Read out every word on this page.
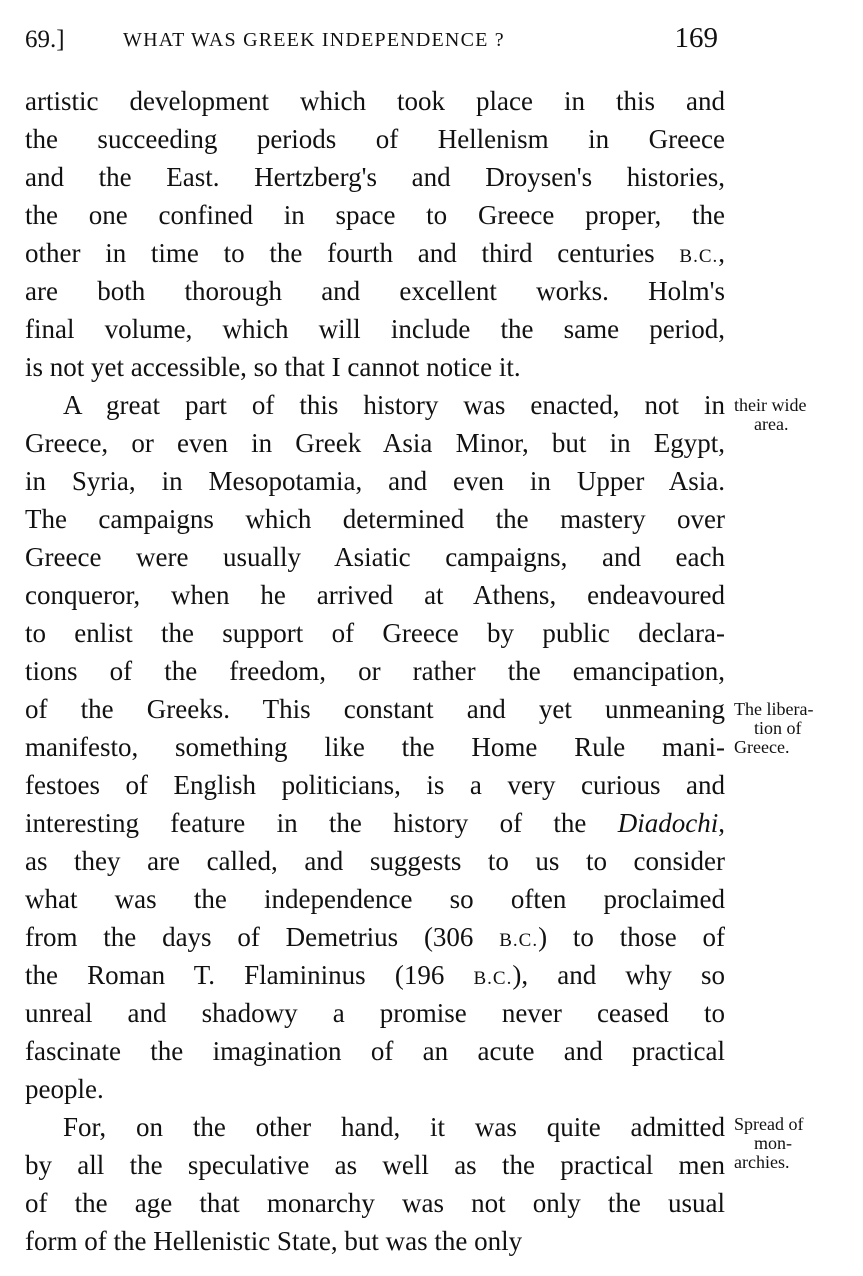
69.]	WHAT WAS GREEK INDEPENDENCE ?	169
artistic development which took place in this and
the succeeding periods of Hellenism in Greece
and the East. Hertzberg's and Droysen's histories,
the one confined in space to Greece proper, the
other in time to the fourth and third centuries B.C.,
are both thorough and excellent works. Holm's
final volume, which will include the same period,
is not yet accessible, so that I cannot notice it.
A great part of this history was enacted, not in
Greece, or even in Greek Asia Minor, but in Egypt,
in Syria, in Mesopotamia, and even in Upper Asia.
The campaigns which determined the mastery over
Greece were usually Asiatic campaigns, and each
conqueror, when he arrived at Athens, endeavoured
to enlist the support of Greece by public declara-
tions of the freedom, or rather the emancipation,
of the Greeks. This constant and yet unmeaning
manifesto, something like the Home Rule mani-
festoes of English politicians, is a very curious and
interesting feature in the history of the Diadochi,
as they are called, and suggests to us to consider
what was the independence so often proclaimed
from the days of Demetrius (306 B.C.) to those of
the Roman T. Flamininus (196 B.C.), and why so
unreal and shadowy a promise never ceased to
fascinate the imagination of an acute and practical
people.
For, on the other hand, it was quite admitted
by all the speculative as well as the practical men
of the age that monarchy was not only the usual
form of the Hellenistic State, but was the only
their wide
area.
The libera-
tion of
Greece.
Spread of
mon-
archies.
